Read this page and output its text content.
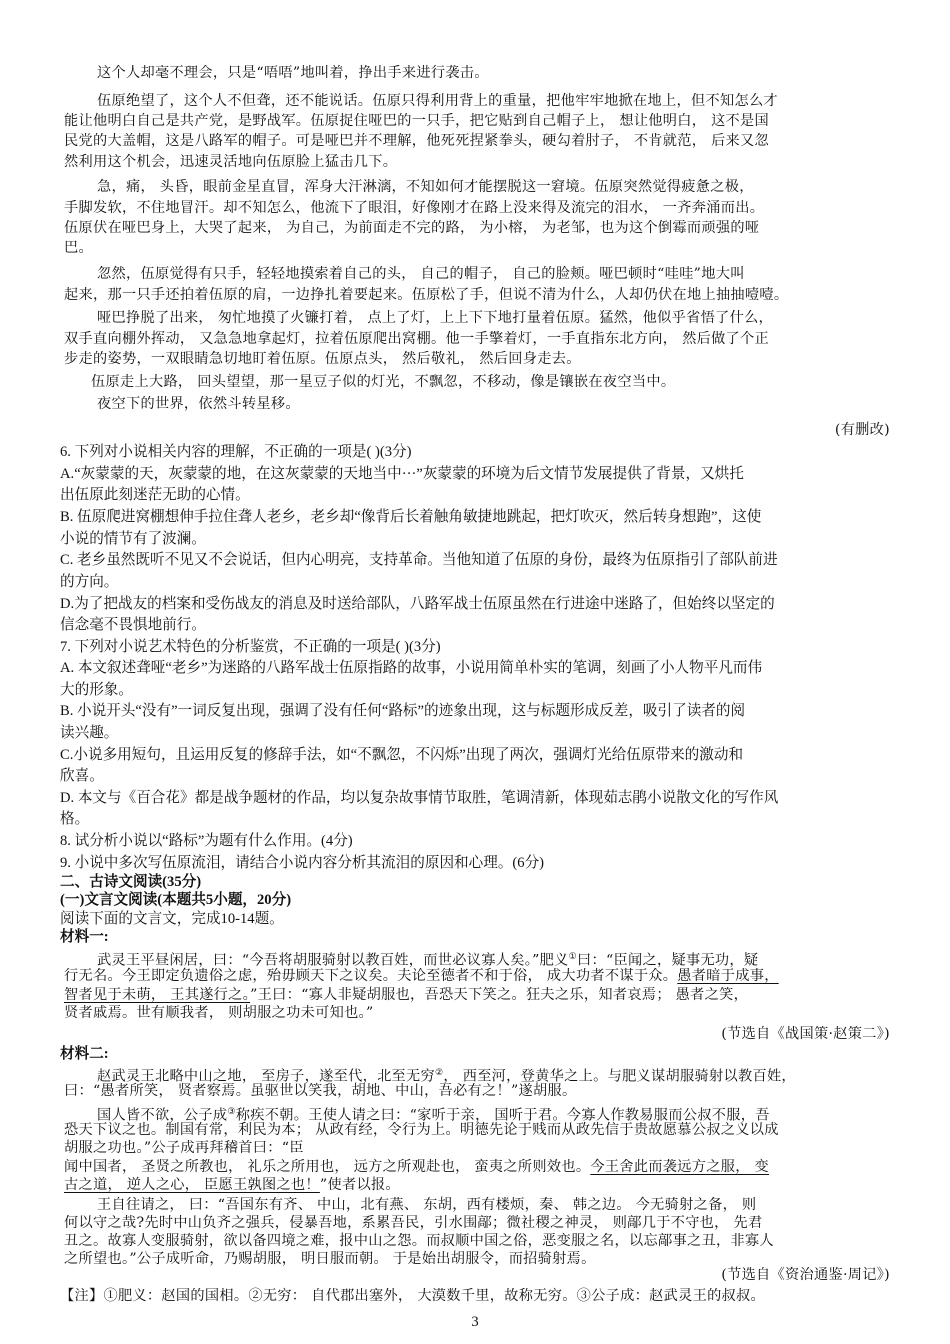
这个人却毫不理会，只是“唔唔”地叫着，挣出手来进行袭击。
伍原绝望了，这个人不但聋，还不能说话。伍原只得利用背上的重量，把他牢牢地掀在地上，但不知怎么才
能让他明白自己是共产党，是野战军。伍原捉住哑巴的一只手，把它贴到自己帽子上， 想让他明白， 这不是国
民党的大盖帽，这是八路军的帽子。可是哑巴并不理解，他死死捏紧拳头，硬勾着肘子， 不肯就范， 后来又忽
然利用这个机会，迅速灵活地向伍原脸上猛击几下。
急，痛， 头昏，眼前金星直冒，浑身大汗淋漓，不知如何才能摆脱这一窘境。伍原突然觉得疲惫之极，
手脚发软，不住地冒汗。却不知怎么，他流下了眼泪，好像刚才在路上没来得及流完的泪水， 一齐奔涌而出。
伍原伏在哑巴身上，大哭了起来， 为自己，为前面走不完的路， 为小榕， 为老邹，也为这个倒霉而顽强的哑
巴。
忽然，伍原觉得有只手，轻轻地摸索着自己的头， 自己的帽子， 自己的脸颊。哑巴顿时“哇哇”地大叫
起来，那一只手还拍着伍原的肩，一边挣扎着要起来。伍原松了手，但说不清为什么，人却仍伏在地上抽抽噎噎。
哑巴挣脱了出来， 匆忙地摸了火镰打着， 点上了灯，上上下下地打量着伍原。猛然，他似乎省悟了什么，
双手直向棚外挥动， 又急急地拿起灯，拉着伍原爬出窝棚。他一手擎着灯，一手直指东北方向， 然后做了个正
步走的姿势，一双眼睛急切地盯着伍原。伍原点头， 然后敬礼， 然后回身走去。
伍原走上大路， 回头望望，那一星豆子似的灯光，不飘忽，不移动，像是镶嵌在夜空当中。
夜空下的世界，依然斗转星移。
(有删改)
6. 下列对小说相关内容的理解，不正确的一项是( )(3分)
A.“灰蒙蒙的天，灰蒙蒙的地，在这灰蒙蒙的天地当中···”灰蒙蒙的环境为后文情节发展提供了背景，又烘托
出伍原此刻迷茫无助的心情。
B. 伍原爬进窝棚想伸手拉住聋人老乡，老乡却“像背后长着触角敏捷地跳起，把灯吹灭，然后转身想跑”，这使
小说的情节有了波澜。
C. 老乡虽然既听不见又不会说话，但内心明亮，支持革命。当他知道了伍原的身份，最终为伍原指引了部队前进
的方向。
D.为了把战友的档案和受伤战友的消息及时送给部队，八路军战士伍原虽然在行进途中迷路了，但始终以坚定的
信念毫不畏惧地前行。
7. 下列对小说艺术特色的分析鉴赏，不正确的一项是( )(3分)
A. 本文叙述聋哑“老乡”为迷路的八路军战士伍原指路的故事，小说用简单朴实的笔调，刻画了小人物平凡而伟
大的形象。
B. 小说开头“没有”一词反复出现，强调了没有任何“路标”的迹象出现，这与标题形成反差，吸引了读者的阅
读兴趣。
C.小说多用短句，且运用反复的修辞手法，如“不飘忽，不闪烁”出现了两次，强调灯光给伍原带来的激动和
欣喜。
D. 本文与《百合花》都是战争题材的作品，均以复杂故事情节取胜，笔调清新，体现茹志鹃小说散文化的写作风
格。
8. 试分析小说以“路标”为题有什么作用。(4分)
9. 小说中多次写伍原流泪，请结合小说内容分析其流泪的原因和心理。(6分)
二、古诗文阅读(35分)
(一)文言文阅读(本题共5小题，20分)
阅读下面的文言文，完成10-14题。
材料一:
武灵王平昼闲居，曰：“今吾将胡服骑射以教百姓，而世必议寡人矣。”肥义①曰：“臣闻之，疑事无功，疑
行无名。今王即定负遗俗之虑，殆毋顾天下之议矣。夫论至德者不和于俗， 成大功者不谋于众。愚者暗于成事，
智者见于未萌， 王其遂行之。”王曰：“寡人非疑胡服也，吾恐天下笑之。狂夫之乐，知者哀焉； 愚者之笑，
贤者戚焉。世有顺我者， 则胡服之功未可知也。”
(节选自《战国策·赵策二》)
材料二:
赵武灵王北略中山之地， 至房子，遂至代，北至无穷②， 西至河，登黄华之上。与肥义谋胡服骑射以教百姓，
曰：“愚者所笑， 贤者察焉。虽驱世以笑我，胡地、中山，吾必有之！”遂胡服。
国人皆不欲，公子成③称疾不朝。王使人请之曰：“家听于亲， 国听于君。今寡人作教易服而公叔不服，吾
恐天下议之也。制国有常，利民为本； 从政有经，令行为上。明德先论于贱而从政先信于贵故愿慕公叔之义以成
胡服之功也。”公子成再拜稽首曰：“臣
闻中国者， 圣贤之所教也， 礼乐之所用也， 远方之所观赴也， 蛮夷之所则效也。今王舍此而袭远方之服， 变
古之道， 逆人之心， 臣愿王孰图之也！”使者以报。
王自往请之， 曰：“吾国东有齐、 中山，北有燕、 东胡，西有楼烦，秦、 韩之边。 今无骑射之备， 则
何以守之哉?先时中山负齐之强兵，侵暴吾地，系累吾民，引水围鄗；微社稷之神灵， 则鄗几于不守也， 先君
丑之。故寡人变服骑射，欲以备四境之难，报中山之怨。而叔顺中国之俗，恶变服之名，以忘鄗事之丑，非寡人
之所望也。”公子成听命，乃赐胡服， 明日服而朝。 于是始出胡服令，而招骑射焉。
(节选自《资治通鉴·周记》)
【注】①肥义：赵国的国相。②无穷： 自代郡出塞外， 大漠数千里，故称无穷。③公子成：赵武灵王的叔叔。
3
